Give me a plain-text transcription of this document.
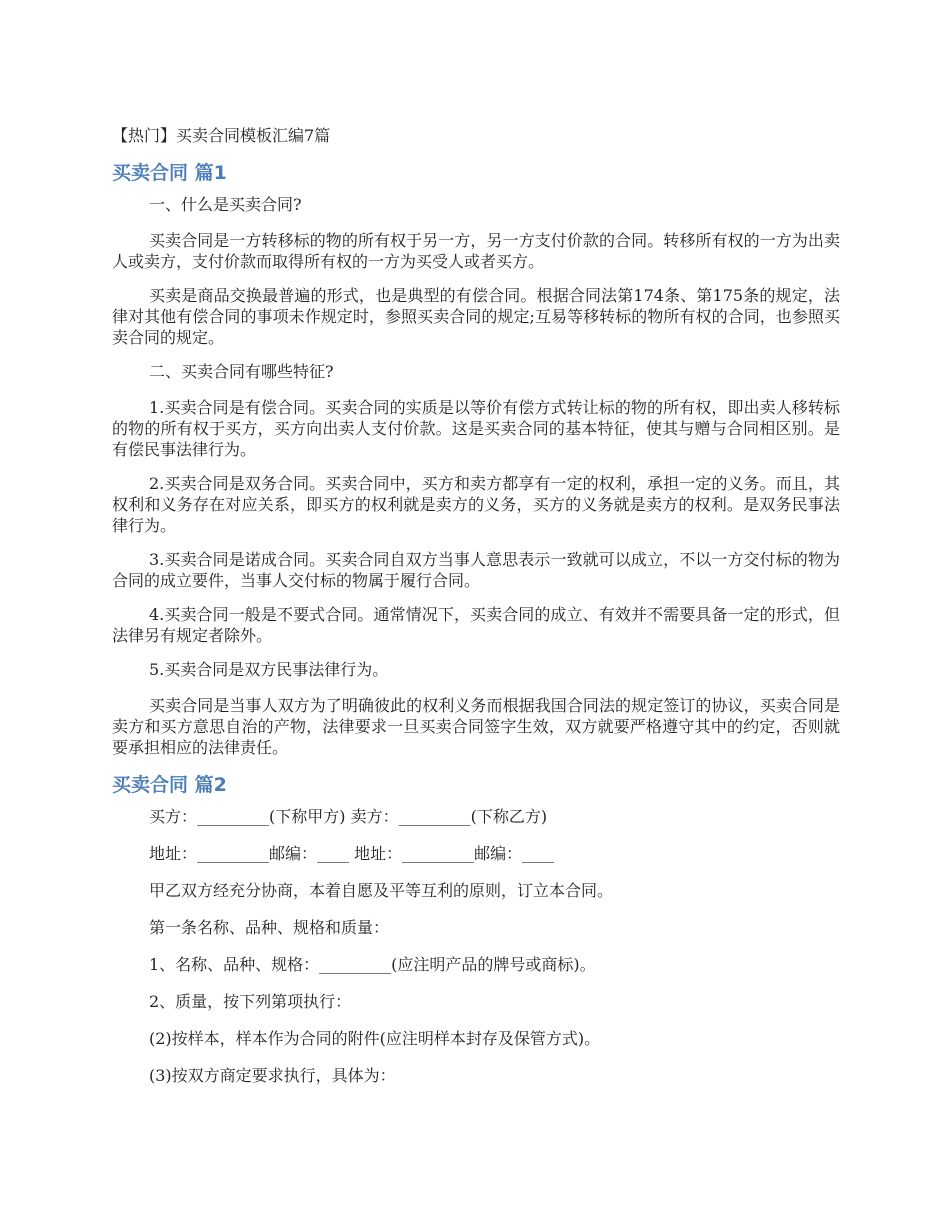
【热门】买卖合同模板汇编7篇
买卖合同 篇1

一、什么是买卖合同?

买卖合同是一方转移标的物的所有权于另一方，另一方支付价款的合同。转移所有权的一方为出卖人或卖方，支付价款而取得所有权的一方为买受人或者买方。

买卖是商品交换最普遍的形式，也是典型的有偿合同。根据合同法第174条、第175条的规定，法律对其他有偿合同的事项未作规定时，参照买卖合同的规定;互易等移转标的物所有权的合同，也参照买卖合同的规定。

二、买卖合同有哪些特征?

1.买卖合同是有偿合同。买卖合同的实质是以等价有偿方式转让标的物的所有权，即出卖人移转标的物的所有权于买方，买方向出卖人支付价款。这是买卖合同的基本特征，使其与赠与合同相区别。是有偿民事法律行为。

2.买卖合同是双务合同。买卖合同中，买方和卖方都享有一定的权利，承担一定的义务。而且，其权利和义务存在对应关系，即买方的权利就是卖方的义务，买方的义务就是卖方的权利。是双务民事法律行为。

3.买卖合同是诺成合同。买卖合同自双方当事人意思表示一致就可以成立，不以一方交付标的物为合同的成立要件，当事人交付标的物属于履行合同。

4.买卖合同一般是不要式合同。通常情况下，买卖合同的成立、有效并不需要具备一定的形式，但法律另有规定者除外。

5.买卖合同是双方民事法律行为。

买卖合同是当事人双方为了明确彼此的权利义务而根据我国合同法的规定签订的协议，买卖合同是卖方和买方意思自治的产物，法律要求一旦买卖合同签字生效，双方就要严格遵守其中的约定，否则就要承担相应的法律责任。

买卖合同 篇2

买方：_________(下称甲方) 卖方：_________(下称乙方)

地址：_________邮编：____ 地址：_________邮编：____

甲乙双方经充分协商，本着自愿及平等互利的原则，订立本合同。

第一条名称、品种、规格和质量：

1、名称、品种、规格：_________(应注明产品的牌号或商标)。

2、质量，按下列第项执行：

(2)按样本，样本作为合同的附件(应注明样本封存及保管方式)。

(3)按双方商定要求执行，具体为：
